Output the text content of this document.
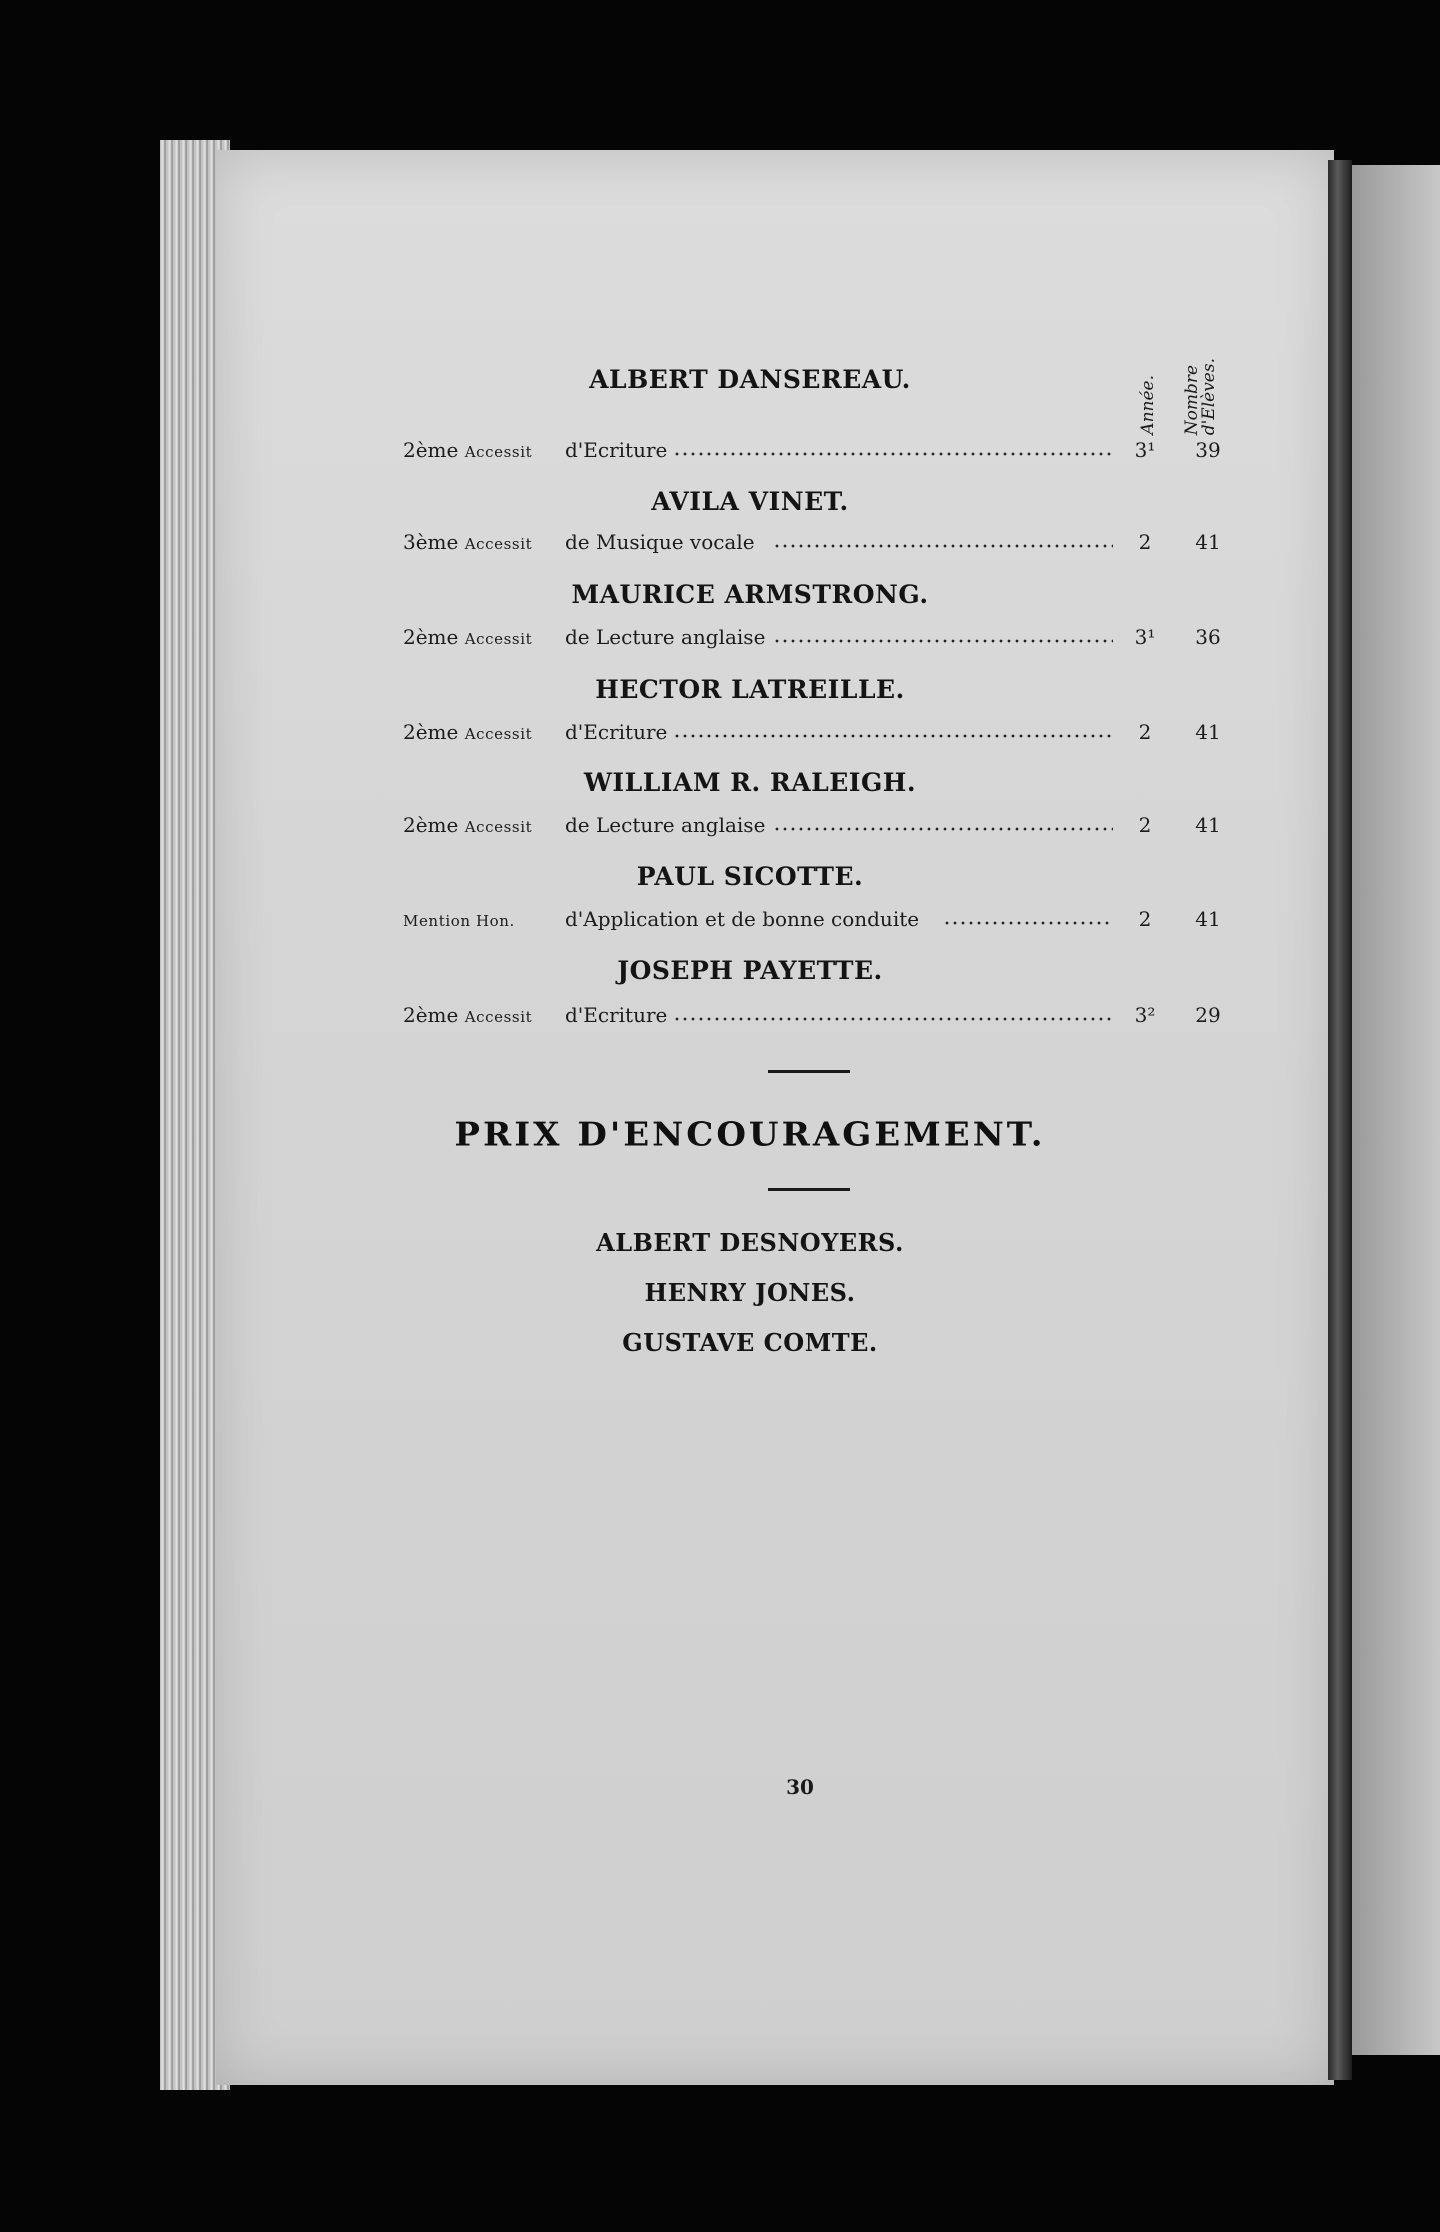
Année. Nombre
d'Elèves.
ALBERT DANSEREAU.
2ème Accessit d'Ecriture	3¹	39
AVILA VINET.
3ème Accessit de Musique vocale	2	41
MAURICE ARMSTRONG.
2ème Accessit de Lecture anglaise	3¹	36
HECTOR LATREILLE.
2ème Accessit d'Ecriture	2	41
WILLIAM R. RALEIGH.
2ème Accessit de Lecture anglaise	2	41
PAUL SICOTTE.
Mention Hon.	d'Application et de bonne conduite	2	41
JOSEPH PAYETTE.
2ème Accessit d'Ecriture	3²	29
PRIX D'ENCOURAGEMENT.
ALBERT DESNOYERS.
HENRY JONES.
GUSTAVE COMTE.
30
